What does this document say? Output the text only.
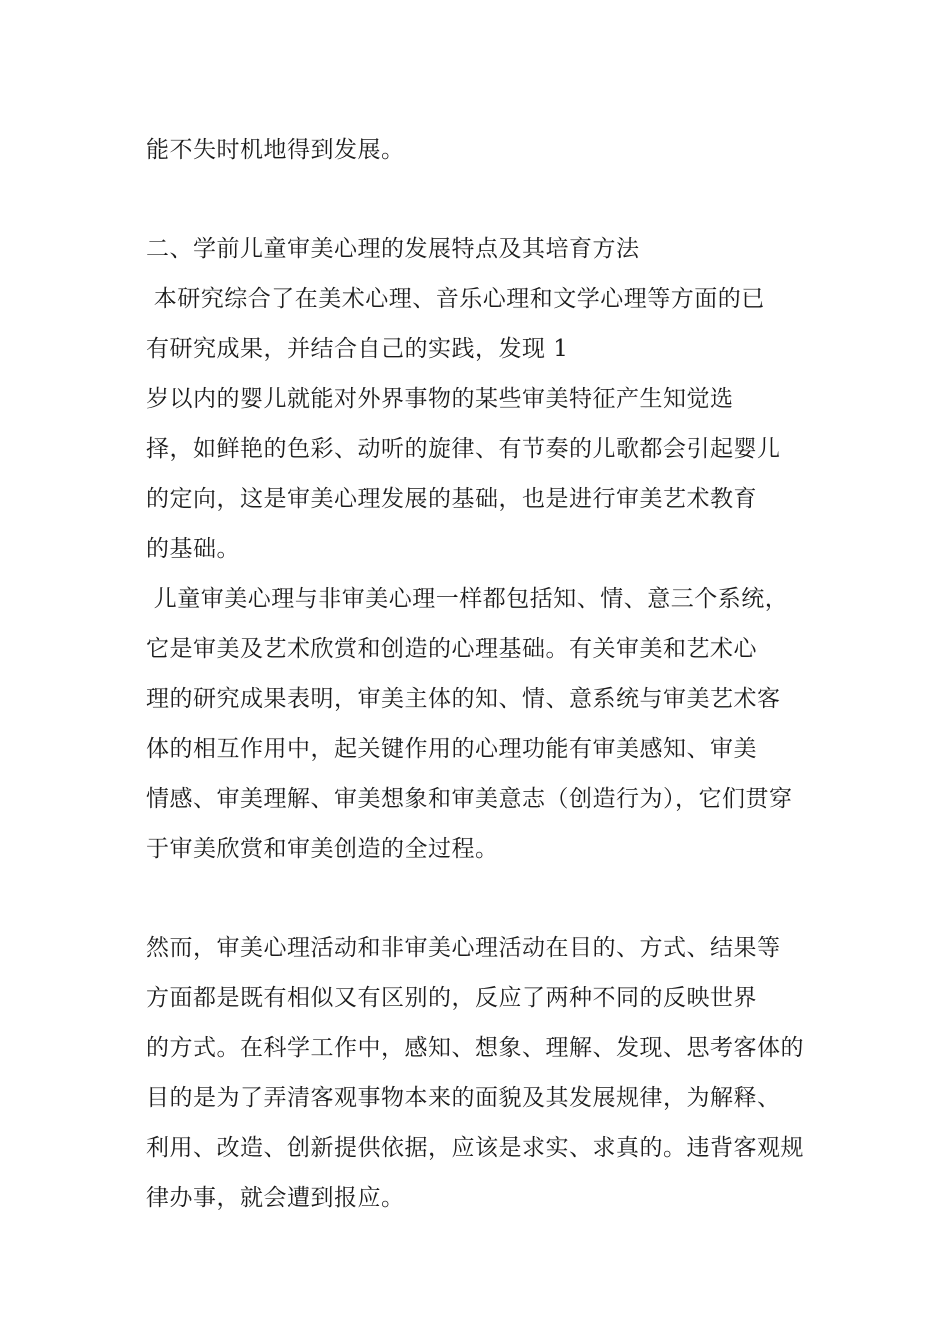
能不失时机地得到发展。
二、学前儿童审美心理的发展特点及其培育方法
本研究综合了在美术心理、音乐心理和文学心理等方面的已
有研究成果，并结合自己的实践，发现 1
岁以内的婴儿就能对外界事物的某些审美特征产生知觉选
择，如鲜艳的色彩、动听的旋律、有节奏的儿歌都会引起婴儿
的定向，这是审美心理发展的基础，也是进行审美艺术教育
的基础。
儿童审美心理与非审美心理一样都包括知、情、意三个系统，
它是审美及艺术欣赏和创造的心理基础。有关审美和艺术心
理的研究成果表明，审美主体的知、情、意系统与审美艺术客
体的相互作用中，起关键作用的心理功能有审美感知、审美
情感、审美理解、审美想象和审美意志（创造行为），它们贯穿
于审美欣赏和审美创造的全过程。
然而，审美心理活动和非审美心理活动在目的、方式、结果等
方面都是既有相似又有区别的，反应了两种不同的反映世界
的方式。在科学工作中，感知、想象、理解、发现、思考客体的
目的是为了弄清客观事物本来的面貌及其发展规律，为解释、
利用、改造、创新提供依据，应该是求实、求真的。违背客观规
律办事，就会遭到报应。
